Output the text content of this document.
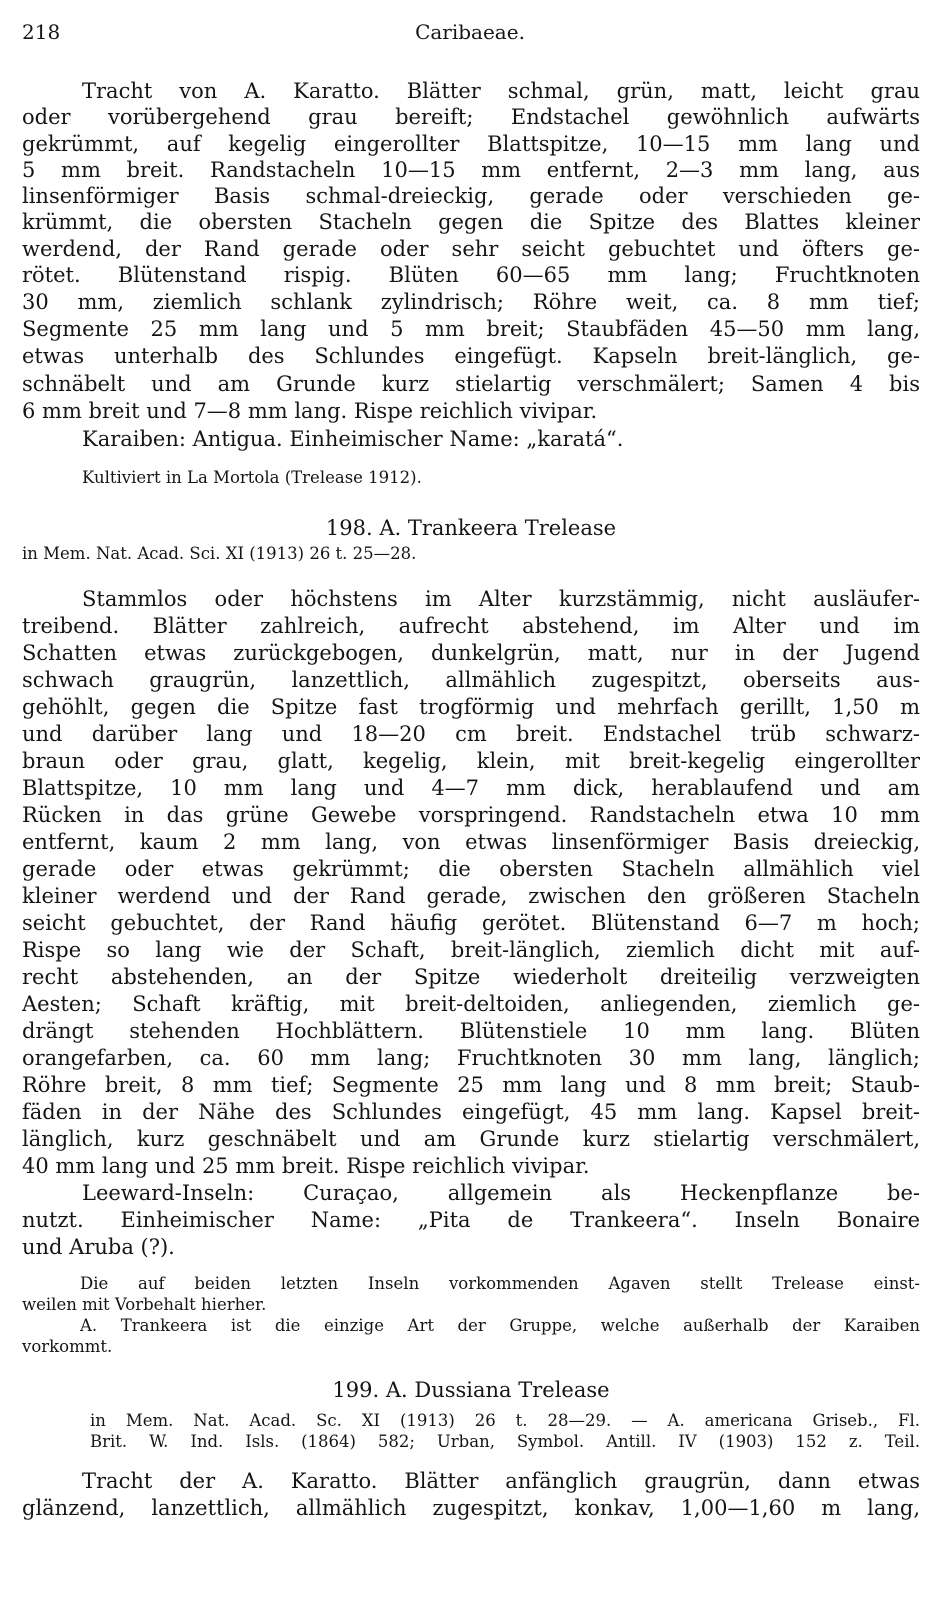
218	Caribaeae.
Tracht von A. Karatto. Blätter schmal, grün, matt, leicht grau
oder vorübergehend grau bereift; Endstachel gewöhnlich aufwärts
gekrümmt, auf kegelig eingerollter Blattspitze, 10—15 mm lang und
5 mm breit. Randstacheln 10—15 mm entfernt, 2—3 mm lang, aus
linsenförmiger Basis schmal-dreieckig, gerade oder verschieden ge-
krümmt, die obersten Stacheln gegen die Spitze des Blattes kleiner
werdend, der Rand gerade oder sehr seicht gebuchtet und öfters ge-
rötet. Blütenstand rispig. Blüten 60—65 mm lang; Fruchtknoten
30 mm, ziemlich schlank zylindrisch; Röhre weit, ca. 8 mm tief;
Segmente 25 mm lang und 5 mm breit; Staubfäden 45—50 mm lang,
etwas unterhalb des Schlundes eingefügt. Kapseln breit-länglich, ge-
schnäbelt und am Grunde kurz stielartig verschmälert; Samen 4 bis
6 mm breit und 7—8 mm lang. Rispe reichlich vivipar.
Karaiben: Antigua. Einheimischer Name: „karatá“.
Kultiviert in La Mortola (Trelease 1912).
198. A. Trankeera Trelease
in Mem. Nat. Acad. Sci. XI (1913) 26 t. 25—28.
Stammlos oder höchstens im Alter kurzstämmig, nicht ausläufer-
treibend. Blätter zahlreich, aufrecht abstehend, im Alter und im
Schatten etwas zurückgebogen, dunkelgrün, matt, nur in der Jugend
schwach graugrün, lanzettlich, allmählich zugespitzt, oberseits aus-
gehöhlt, gegen die Spitze fast trogförmig und mehrfach gerillt, 1,50 m
und darüber lang und 18—20 cm breit. Endstachel trüb schwarz-
braun oder grau, glatt, kegelig, klein, mit breit-kegelig eingerollter
Blattspitze, 10 mm lang und 4—7 mm dick, herablaufend und am
Rücken in das grüne Gewebe vorspringend. Randstacheln etwa 10 mm
entfernt, kaum 2 mm lang, von etwas linsenförmiger Basis dreieckig,
gerade oder etwas gekrümmt; die obersten Stacheln allmählich viel
kleiner werdend und der Rand gerade, zwischen den größeren Stacheln
seicht gebuchtet, der Rand häufig gerötet. Blütenstand 6—7 m hoch;
Rispe so lang wie der Schaft, breit-länglich, ziemlich dicht mit auf-
recht abstehenden, an der Spitze wiederholt dreiteilig verzweigten
Aesten; Schaft kräftig, mit breit-deltoiden, anliegenden, ziemlich ge-
drängt stehenden Hochblättern. Blütenstiele 10 mm lang. Blüten
orangefarben, ca. 60 mm lang; Fruchtknoten 30 mm lang, länglich;
Röhre breit, 8 mm tief; Segmente 25 mm lang und 8 mm breit; Staub-
fäden in der Nähe des Schlundes eingefügt, 45 mm lang. Kapsel breit-
länglich, kurz geschnäbelt und am Grunde kurz stielartig verschmälert,
40 mm lang und 25 mm breit. Rispe reichlich vivipar.
Leeward-Inseln: Curaçao, allgemein als Heckenpflanze be-
nutzt. Einheimischer Name: „Pita de Trankeera“. Inseln Bonaire
und Aruba (?).
Die auf beiden letzten Inseln vorkommenden Agaven stellt Trelease einst-
weilen mit Vorbehalt hierher.
A. Trankeera ist die einzige Art der Gruppe, welche außerhalb der Karaiben
vorkommt.
199. A. Dussiana Trelease
in Mem. Nat. Acad. Sc. XI (1913) 26 t. 28—29. — A. americana Griseb., Fl.
Brit. W. Ind. Isls. (1864) 582; Urban, Symbol. Antill. IV (1903) 152 z. Teil.
Tracht der A. Karatto. Blätter anfänglich graugrün, dann etwas
glänzend, lanzettlich, allmählich zugespitzt, konkav, 1,00—1,60 m lang,
